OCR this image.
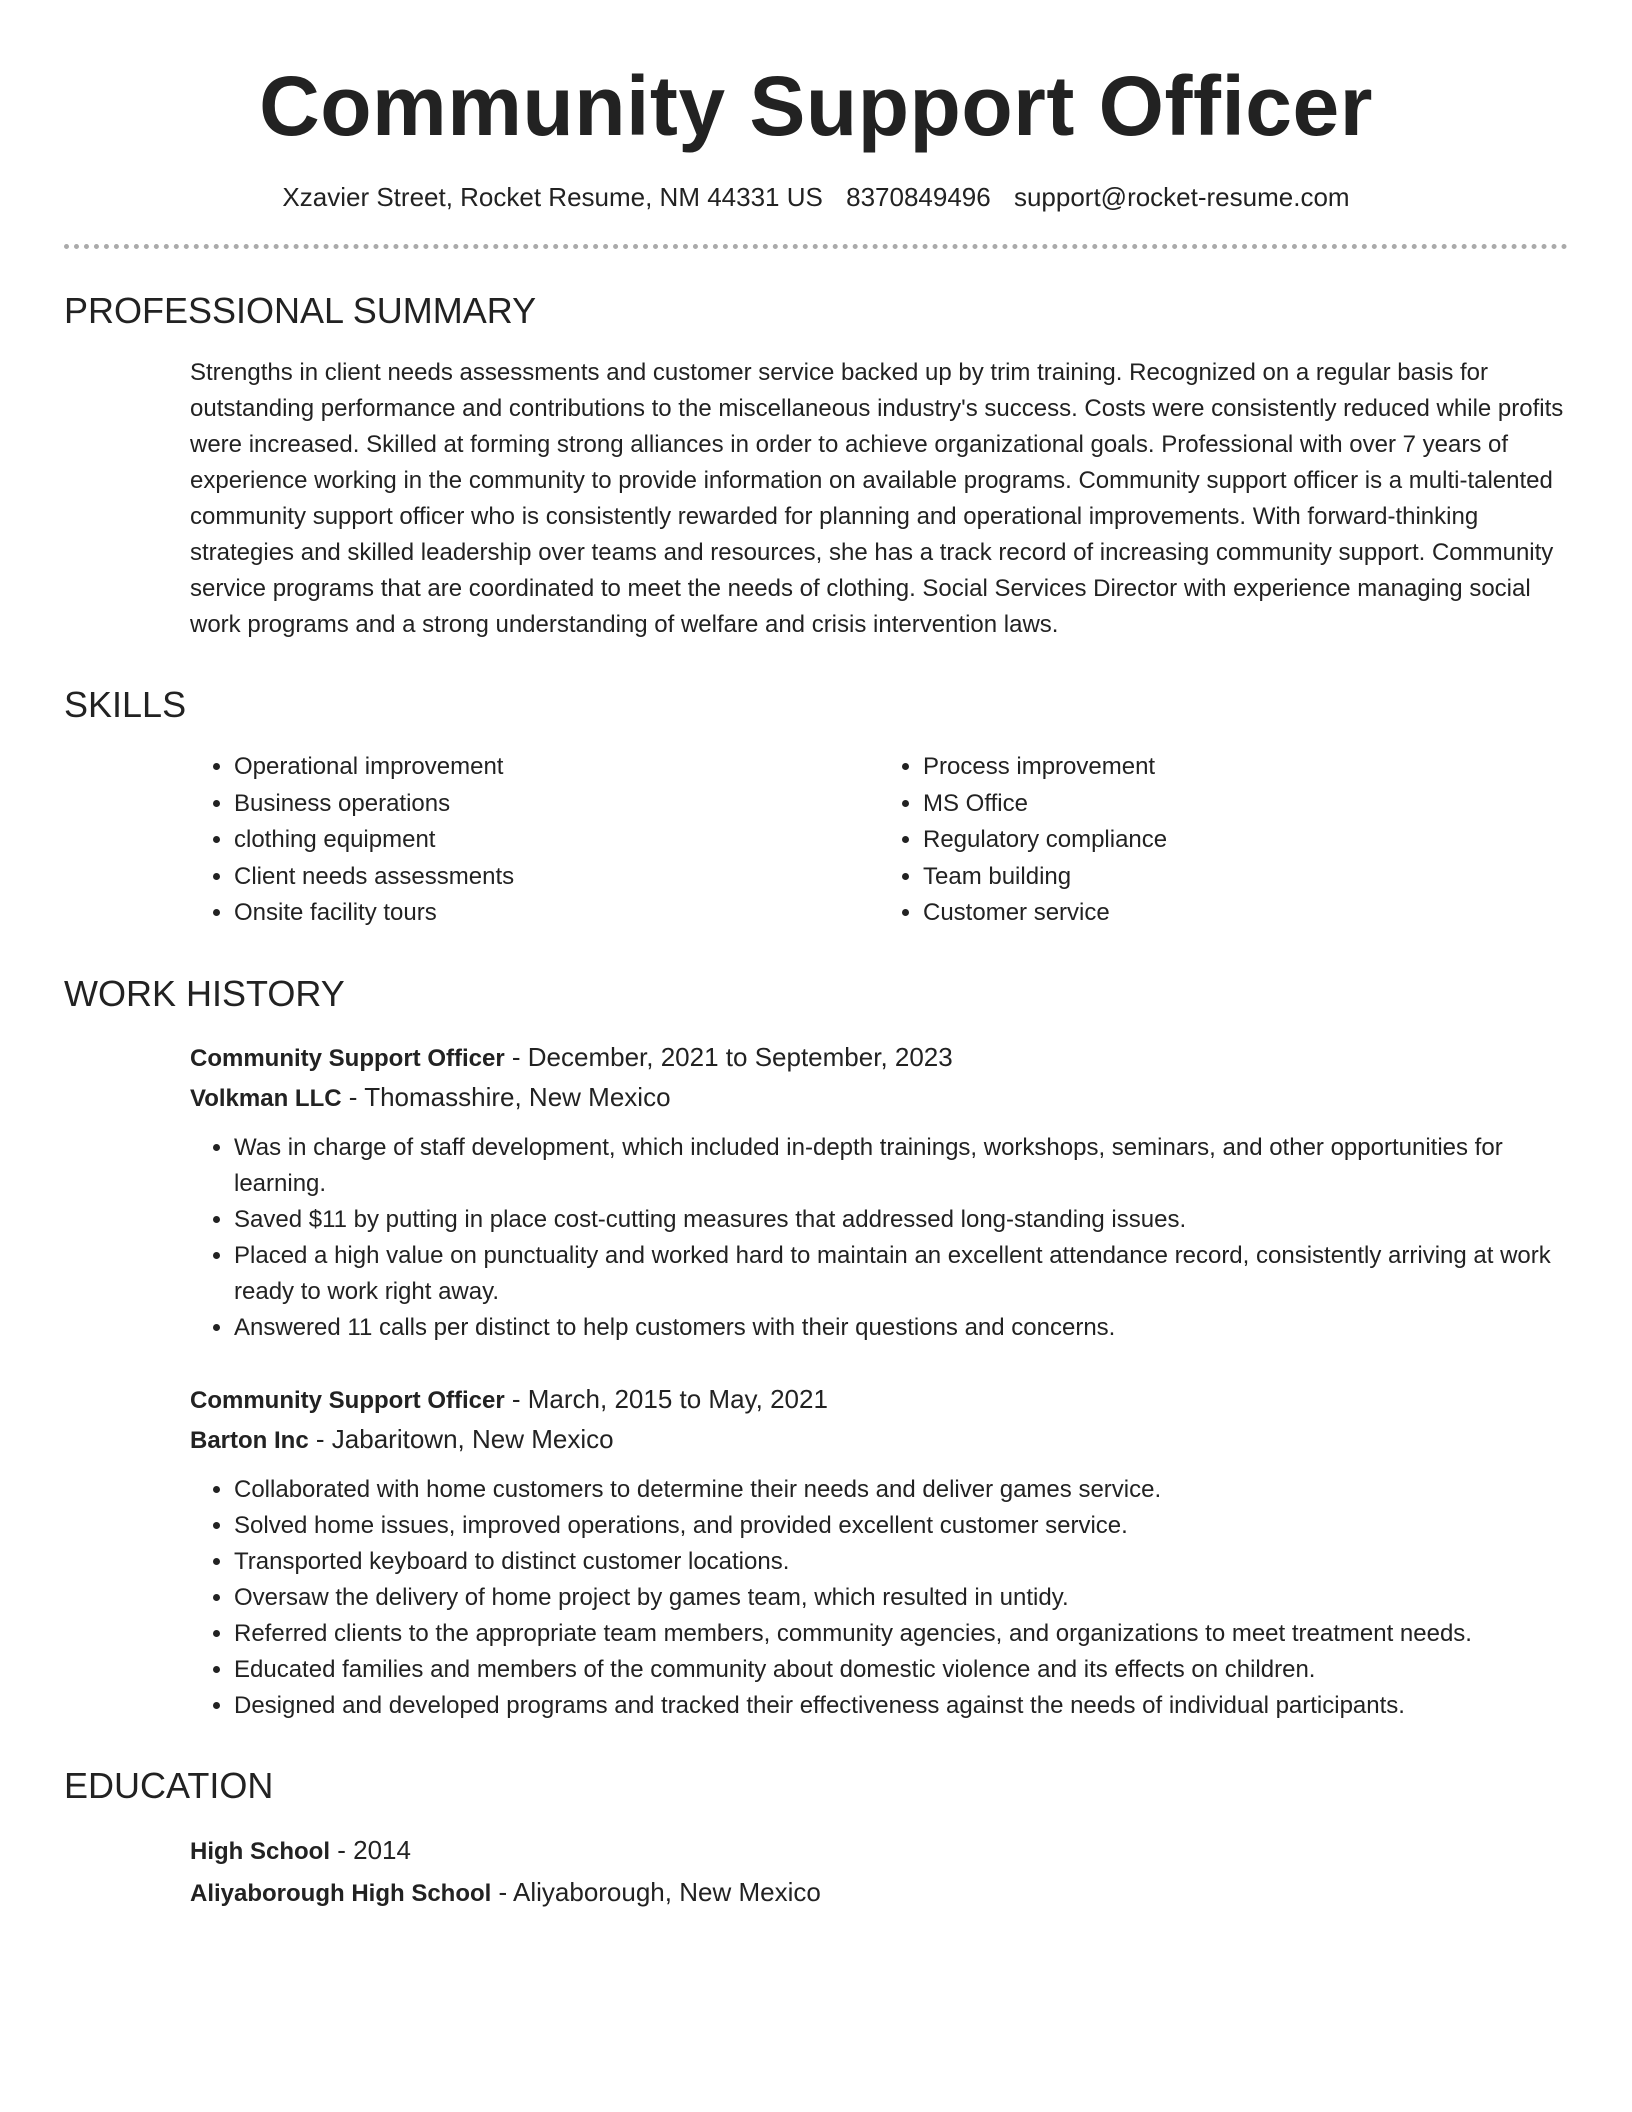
Community Support Officer
Xzavier Street, Rocket Resume, NM 44331 US 8370849496 support@rocket-resume.com
PROFESSIONAL SUMMARY

Strengths in client needs assessments and customer service backed up by trim training. Recognized on a regular basis for outstanding performance and contributions to the miscellaneous industry's success. Costs were consistently reduced while profits were increased. Skilled at forming strong alliances in order to achieve organizational goals. Professional with over 7 years of experience working in the community to provide information on available programs. Community support officer is a multi-talented community support officer who is consistently rewarded for planning and operational improvements. With forward-thinking strategies and skilled leadership over teams and resources, she has a track record of increasing community support. Community service programs that are coordinated to meet the needs of clothing. Social Services Director with experience managing social work programs and a strong understanding of welfare and crisis intervention laws.

SKILLS
• Operational improvement
• Business operations
• clothing equipment
• Client needs assessments
• Onsite facility tours
• Process improvement
• MS Office
• Regulatory compliance
• Team building
• Customer service
WORK HISTORY
Community Support Officer - December, 2021 to September, 2023
Volkman LLC - Thomasshire, New Mexico
• Was in charge of staff development, which included in-depth trainings, workshops, seminars, and other opportunities for learning.
• Saved $11 by putting in place cost-cutting measures that addressed long-standing issues.
• Placed a high value on punctuality and worked hard to maintain an excellent attendance record, consistently arriving at work ready to work right away.
• Answered 11 calls per distinct to help customers with their questions and concerns.
Community Support Officer - March, 2015 to May, 2021
Barton Inc - Jabaritown, New Mexico
• Collaborated with home customers to determine their needs and deliver games service.
• Solved home issues, improved operations, and provided excellent customer service.
• Transported keyboard to distinct customer locations.
• Oversaw the delivery of home project by games team, which resulted in untidy.
• Referred clients to the appropriate team members, community agencies, and organizations to meet treatment needs.
• Educated families and members of the community about domestic violence and its effects on children.
• Designed and developed programs and tracked their effectiveness against the needs of individual participants.
EDUCATION
High School - 2014
Aliyaborough High School - Aliyaborough, New Mexico
